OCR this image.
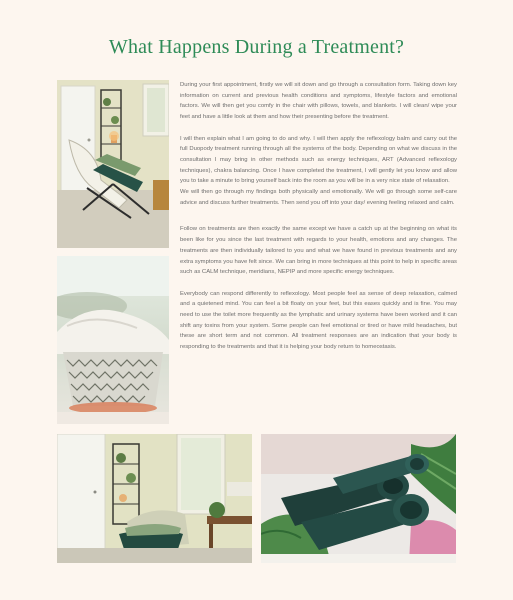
What Happens During a Treatment?

During your first appointment, firstly we will sit down and go through a consultation form. Taking down key information on current and previous health conditions and symptoms, lifestyle factors and emotional factors. We will then get you comfy in the chair with pillows, towels, and blankets. I will clean/ wipe your feet and have a little look at them and how their presenting before the treatment.

I will then explain what I am going to do and why. I will then apply the reflexology balm and carry out the full Duopody treatment running through all the systems of the body. Depending on what we discuss in the consultation I may bring in other methods such as energy techniques, ART (Advanced reflexology techniques), chakra balancing. Once I have completed the treatment, I will gently let you know and allow you to take a minute to bring yourself back into the room as you will be in a very nice state of relaxation.

We will then go through my findings both physically and emotionally. We will go through some self-care advice and discuss further treatments. Then send you off into your day/ evening feeling relaxed and calm.

Follow on treatments are then exactly the same except we have a catch up at the beginning on what its been like for you since the last treatment with regards to your health, emotions and any changes. The treatments are then individually tailored to you and what we have found in previous treatments and any extra symptoms you have felt since. We can bring in more techniques at this point to help in specific areas such as CALM technique, meridians, NEPIP and more specific energy techniques.

Everybody can respond differently to reflexology. Most people feel as sense of deep relaxation, calmed and a quietened mind. You can feel a bit floaty on your feet, but this eases quickly and is fine. You may need to use the toilet more frequently as the lymphatic and urinary systems have been worked and it can shift any toxins from your system. Some people can feel emotional or tired or have mild headaches, but these are short term and not common. All treatment responses are an indication that your body is responding to the treatments and that it is helping your body return to homeostasis.
